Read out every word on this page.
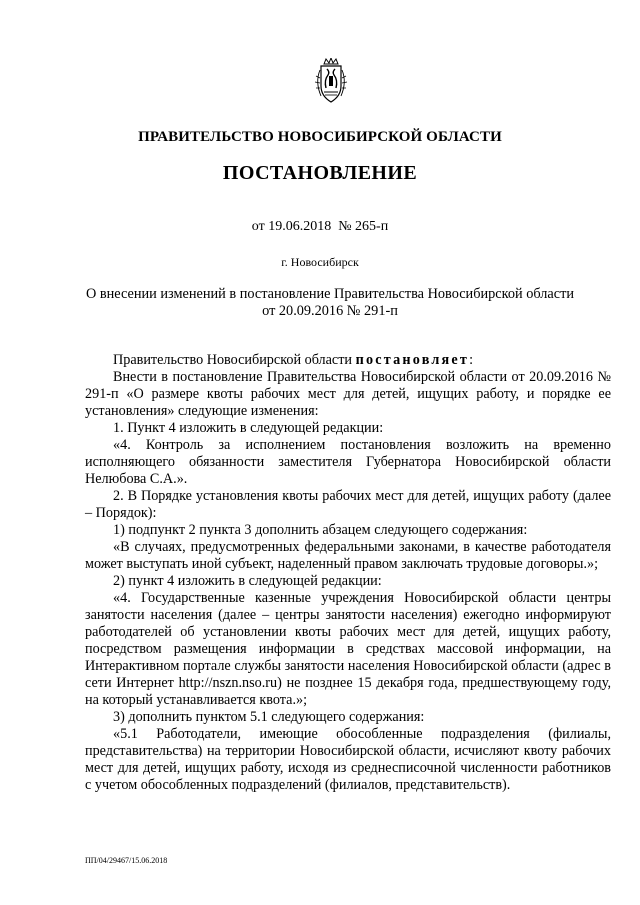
ПРАВИТЕЛЬСТВО НОВОСИБИРСКОЙ ОБЛАСТИ
ПОСТАНОВЛЕНИЕ
от 19.06.2018  № 265-п
г. Новосибирск
О внесении изменений в постановление Правительства Новосибирской области
от 20.09.2016 № 291-п

Правительство Новосибирской области постановляет:

Внести в постановление Правительства Новосибирской области от 20.09.2016 № 291-п «О размере квоты рабочих мест для детей, ищущих работу, и порядке ее установления» следующие изменения:

1. Пункт 4 изложить в следующей редакции:

«4. Контроль за исполнением постановления возложить на временно исполняющего обязанности заместителя Губернатора Новосибирской области Нелюбова С.А.».

2. В Порядке установления квоты рабочих мест для детей, ищущих работу (далее – Порядок):

1) подпункт 2 пункта 3 дополнить абзацем следующего содержания:

«В случаях, предусмотренных федеральными законами, в качестве работодателя может выступать иной субъект, наделенный правом заключать трудовые договоры.»;

2) пункт 4 изложить в следующей редакции:

«4. Государственные казенные учреждения Новосибирской области центры занятости населения (далее – центры занятости населения) ежегодно информируют работодателей об установлении квоты рабочих мест для детей, ищущих работу, посредством размещения информации в средствах массовой информации, на Интерактивном портале службы занятости населения Новосибирской области (адрес в сети Интернет http://nszn.nso.ru) не позднее 15 декабря года, предшествующему году, на который устанавливается квота.»;

3) дополнить пунктом 5.1 следующего содержания:

«5.1 Работодатели, имеющие обособленные подразделения (филиалы, представительства) на территории Новосибирской области, исчисляют квоту рабочих мест для детей, ищущих работу, исходя из среднесписочной численности работников с учетом обособленных подразделений (филиалов, представительств).

ПП/04/29467/15.06.2018
